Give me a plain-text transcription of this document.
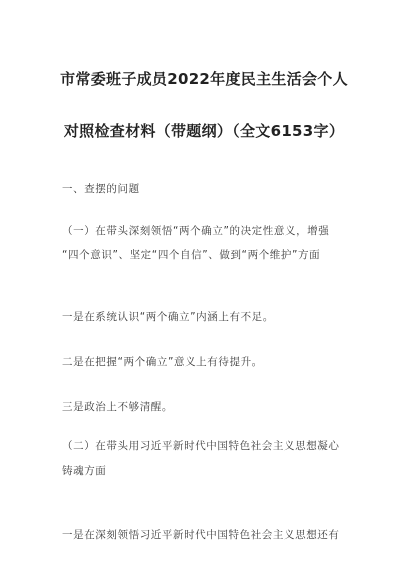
市常委班子成员2022年度民主生活会个人
对照检查材料（带题纲）（全文6153字）
一、查摆的问题
（一）在带头深刻领悟“两个确立”的决定性意义，增强
“四个意识”、坚定“四个自信”、做到“两个维护”方面
一是在系统认识“两个确立”内涵上有不足。
二是在把握“两个确立”意义上有待提升。
三是政治上不够清醒。
（二）在带头用习近平新时代中国特色社会主义思想凝心
铸魂方面
一是在深刻领悟习近平新时代中国特色社会主义思想还有
